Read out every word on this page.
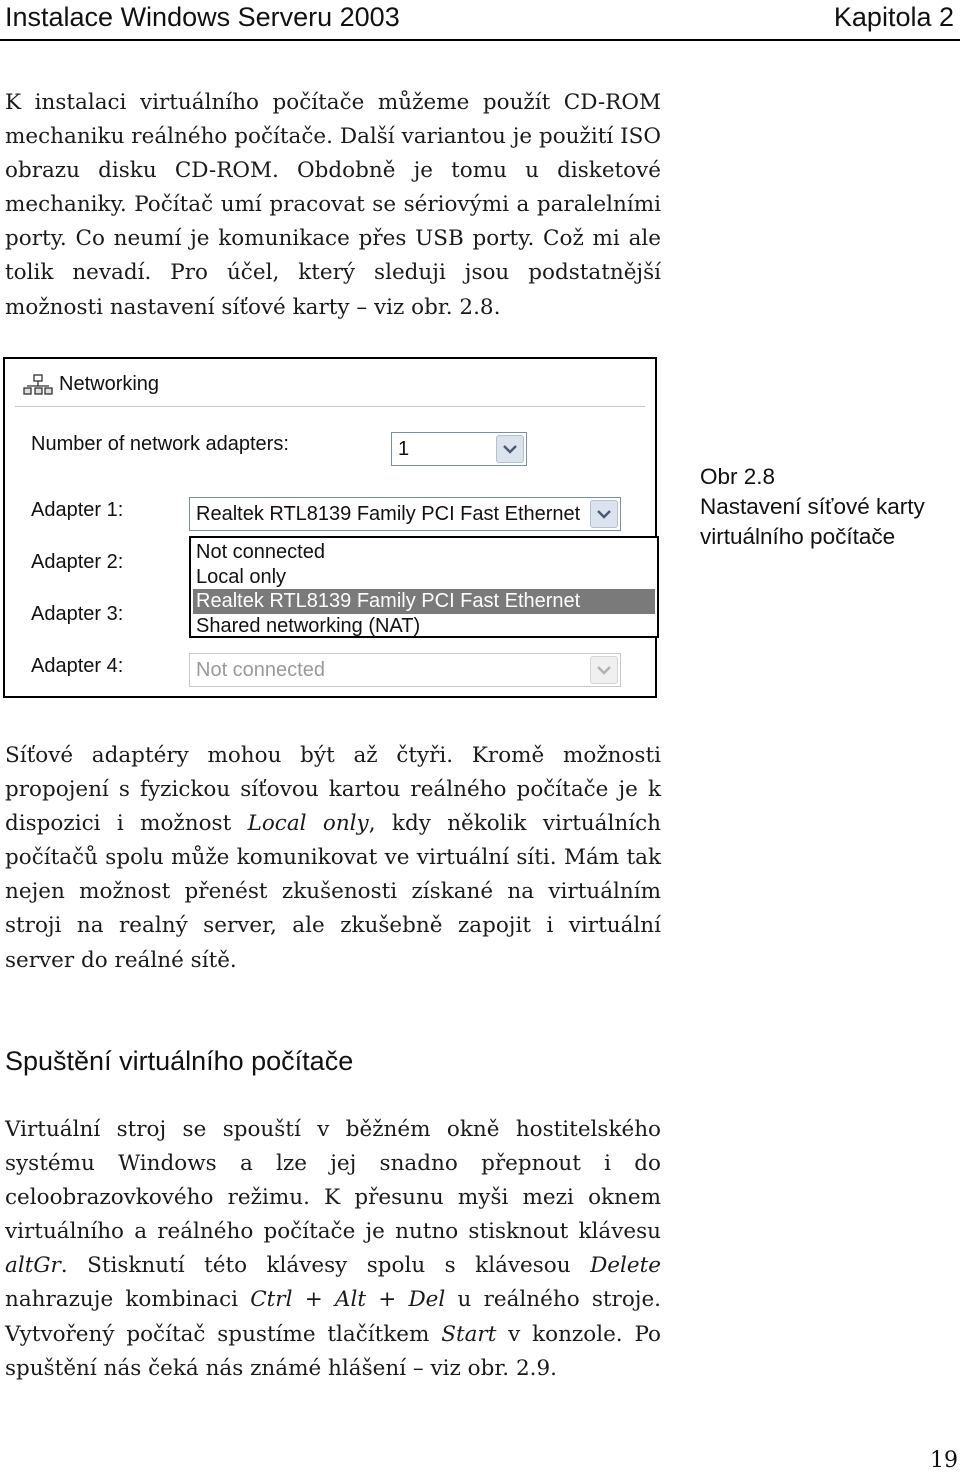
Instalace Windows Serveru 2003	Kapitola 2

K instalaci virtuálního počítače můžeme použít CD-ROM mechaniku reálného počítače. Další variantou je použití ISO obrazu disku CD-ROM. Obdobně je tomu u disketové mechaniky. Počítač umí pracovat se sériovými a paralelními porty. Co neumí je komunikace přes USB porty. Což mi ale tolik nevadí. Pro účel, který sleduji jsou podstatnější možnosti nastavení síťové karty – viz obr. 2.8.

Networking
Number of network adapters:	1
Adapter 1:	Realtek RTL8139 Family PCI Fast Ethernet
Adapter 2:
Adapter 3:
Adapter 4:	Not connected
Not connected
Local only
Realtek RTL8139 Family PCI Fast Ethernet
Shared networking (NAT)
Obr 2.8
Nastavení síťové karty
virtuálního počítače

Síťové adaptéry mohou být až čtyři. Kromě možnosti propojení s fyzickou síťovou kartou reálného počítače je k dispozici i možnost Local only, kdy několik virtuálních počítačů spolu může komunikovat ve virtuální síti. Mám tak nejen možnost přenést zkušenosti získané na virtuálním stroji na realný server, ale zkušebně zapojit i virtuální server do reálné sítě.

Spuštění virtuálního počítače

Virtuální stroj se spouští v běžném okně hostitelského systému Windows a lze jej snadno přepnout i do celoobrazovkového režimu. K přesunu myši mezi oknem virtuálního a reálného počítače je nutno stisknout klávesu altGr. Stisknutí této klávesy spolu s klávesou Delete nahrazuje kombinaci Ctrl + Alt + Del u reálného stroje. Vytvořený počítač spustíme tlačítkem Start v konzole. Po spuštění nás čeká nás známé hlášení – viz obr. 2.9.

19
